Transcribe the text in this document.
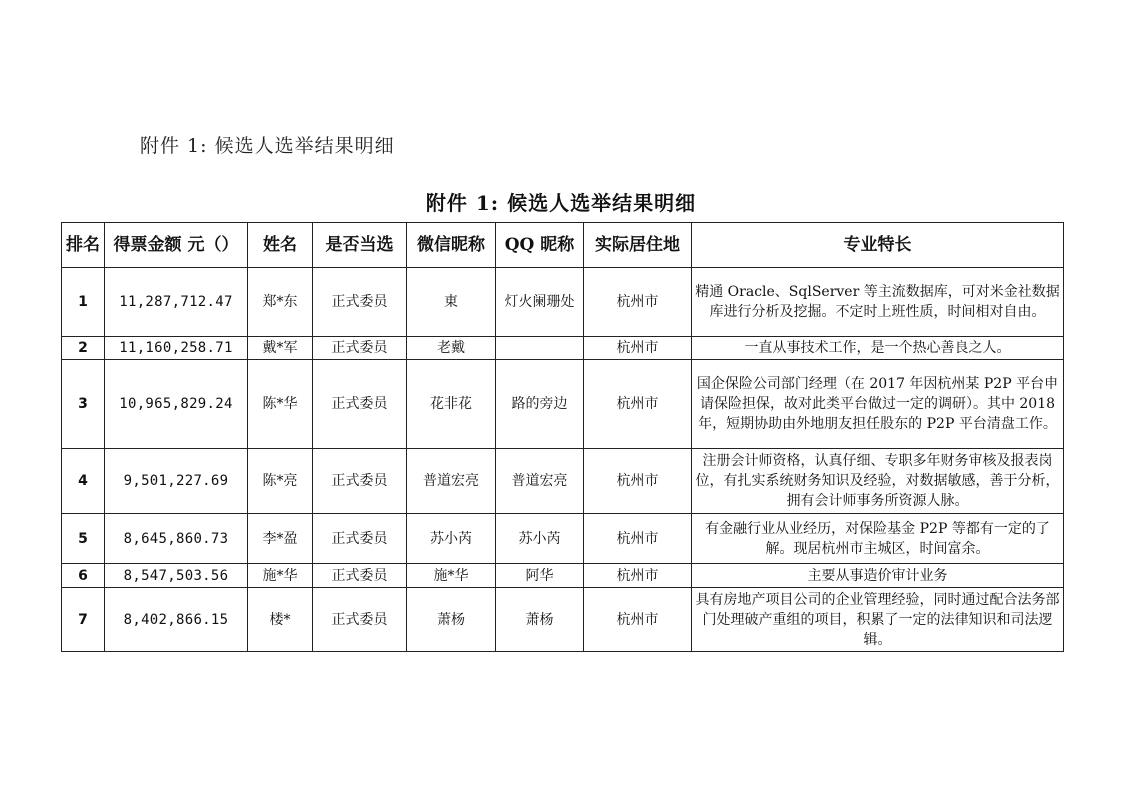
附件 1: 候选人选举结果明细
附件 1: 候选人选举结果明细
排名	得票金额 元（）	姓名	是否当选	微信昵称	QQ 昵称	实际居住地	专业特长
1	11,287,712.47	郑*东	正式委员	東	灯火阑珊处	杭州市	精通 Oracle、SqlServer 等主流数据库，可对米金社数据库进行分析及挖掘。不定时上班性质，时间相对自由。
2	11,160,258.71	戴*军	正式委员	老戴		杭州市	一直从事技术工作，是一个热心善良之人。
3	10,965,829.24	陈*华	正式委员	花非花	路的旁边	杭州市	国企保险公司部门经理（在 2017 年因杭州某 P2P 平台申请保险担保，故对此类平台做过一定的调研）。其中 2018 年，短期协助由外地朋友担任股东的 P2P 平台清盘工作。
4	9,501,227.69	陈*亮	正式委员	普道宏亮	普道宏亮	杭州市	注册会计师资格，认真仔细、专职多年财务审核及报表岗位，有扎实系统财务知识及经验，对数据敏感，善于分析，拥有会计师事务所资源人脉。
5	8,645,860.73	李*盈	正式委员	苏小芮	苏小芮	杭州市	有金融行业从业经历，对保险基金 P2P 等都有一定的了解。现居杭州市主城区，时间富余。
6	8,547,503.56	施*华	正式委员	施*华	阿华	杭州市	主要从事造价审计业务
7	8,402,866.15	楼*	正式委员	萧杨	萧杨	杭州市	具有房地产项目公司的企业管理经验，同时通过配合法务部门处理破产重组的项目，积累了一定的法律知识和司法逻辑。
